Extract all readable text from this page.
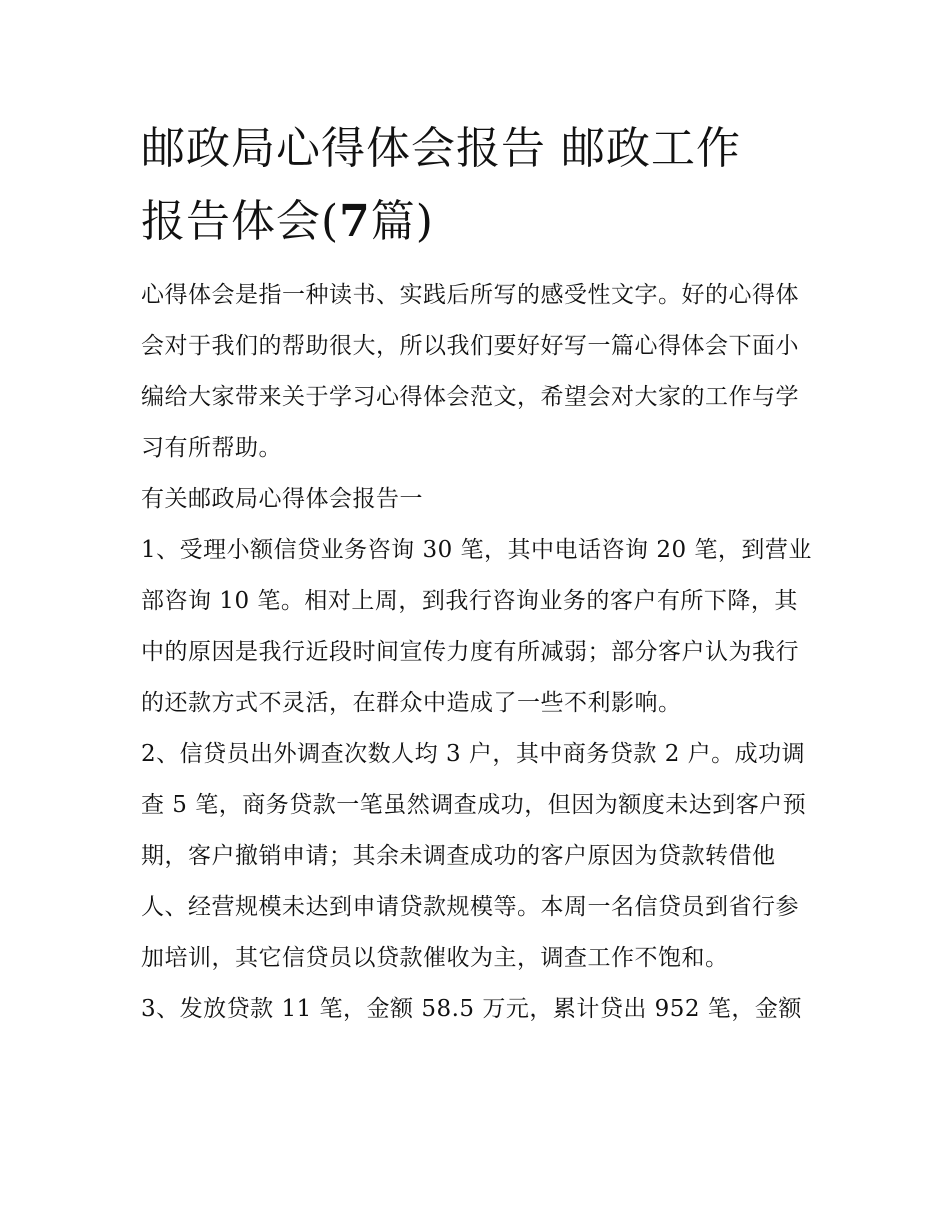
邮政局心得体会报告 邮政工作
报告体会(7篇)

心得体会是指一种读书、实践后所写的感受性文字。好的心得体会对于我们的帮助很大，所以我们要好好写一篇心得体会下面小编给大家带来关于学习心得体会范文，希望会对大家的工作与学习有所帮助。

有关邮政局心得体会报告一

1、受理小额信贷业务咨询 30 笔，其中电话咨询 20 笔，到营业部咨询 10 笔。相对上周，到我行咨询业务的客户有所下降，其中的原因是我行近段时间宣传力度有所减弱；部分客户认为我行的还款方式不灵活，在群众中造成了一些不利影响。

2、信贷员出外调查次数人均 3 户，其中商务贷款 2 户。成功调查 5 笔，商务贷款一笔虽然调查成功，但因为额度未达到客户预期，客户撤销申请；其余未调查成功的客户原因为贷款转借他人、经营规模未达到申请贷款规模等。本周一名信贷员到省行参加培训，其它信贷员以贷款催收为主，调查工作不饱和。

3、发放贷款 11 笔，金额 58.5 万元，累计贷出 952 笔，金额
